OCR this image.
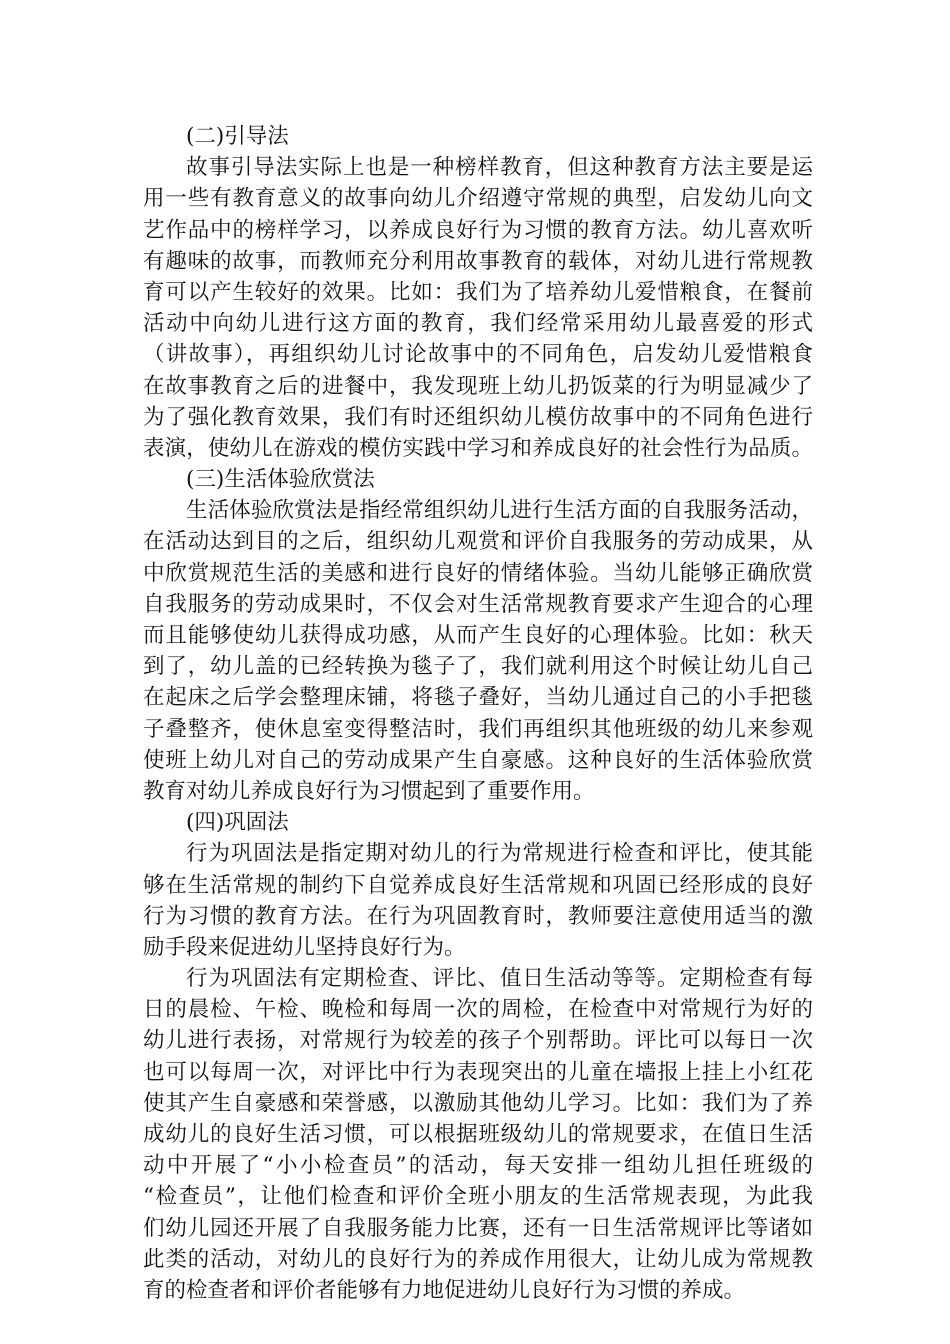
(二)引导法
故事引导法实际上也是一种榜样教育，但这种教育方法主要是运
用一些有教育意义的故事向幼儿介绍遵守常规的典型，启发幼儿向文
艺作品中的榜样学习，以养成良好行为习惯的教育方法。幼儿喜欢听
有趣味的故事，而教师充分利用故事教育的载体，对幼儿进行常规教
育可以产生较好的效果。比如：我们为了培养幼儿爱惜粮食，在餐前
活动中向幼儿进行这方面的教育，我们经常采用幼儿最喜爱的形式
（讲故事），再组织幼儿讨论故事中的不同角色，启发幼儿爱惜粮食
在故事教育之后的进餐中，我发现班上幼儿扔饭菜的行为明显减少了
为了强化教育效果，我们有时还组织幼儿模仿故事中的不同角色进行
表演，使幼儿在游戏的模仿实践中学习和养成良好的社会性行为品质。
(三)生活体验欣赏法
生活体验欣赏法是指经常组织幼儿进行生活方面的自我服务活动，
在活动达到目的之后，组织幼儿观赏和评价自我服务的劳动成果，从
中欣赏规范生活的美感和进行良好的情绪体验。当幼儿能够正确欣赏
自我服务的劳动成果时，不仅会对生活常规教育要求产生迎合的心理
而且能够使幼儿获得成功感，从而产生良好的心理体验。比如：秋天
到了，幼儿盖的已经转换为毯子了，我们就利用这个时候让幼儿自己
在起床之后学会整理床铺，将毯子叠好，当幼儿通过自己的小手把毯
子叠整齐，使休息室变得整洁时，我们再组织其他班级的幼儿来参观
使班上幼儿对自己的劳动成果产生自豪感。这种良好的生活体验欣赏
教育对幼儿养成良好行为习惯起到了重要作用。
(四)巩固法
行为巩固法是指定期对幼儿的行为常规进行检查和评比，使其能
够在生活常规的制约下自觉养成良好生活常规和巩固已经形成的良好
行为习惯的教育方法。在行为巩固教育时，教师要注意使用适当的激
励手段来促进幼儿坚持良好行为。
行为巩固法有定期检查、评比、值日生活动等等。定期检查有每
日的晨检、午检、晚检和每周一次的周检，在检查中对常规行为好的
幼儿进行表扬，对常规行为较差的孩子个别帮助。评比可以每日一次
也可以每周一次，对评比中行为表现突出的儿童在墙报上挂上小红花
使其产生自豪感和荣誉感，以激励其他幼儿学习。比如：我们为了养
成幼儿的良好生活习惯，可以根据班级幼儿的常规要求，在值日生活
动中开展了“小小检查员”的活动，每天安排一组幼儿担任班级的
“检查员”，让他们检查和评价全班小朋友的生活常规表现，为此我
们幼儿园还开展了自我服务能力比赛，还有一日生活常规评比等诸如
此类的活动，对幼儿的良好行为的养成作用很大，让幼儿成为常规教
育的检查者和评价者能够有力地促进幼儿良好行为习惯的养成。
